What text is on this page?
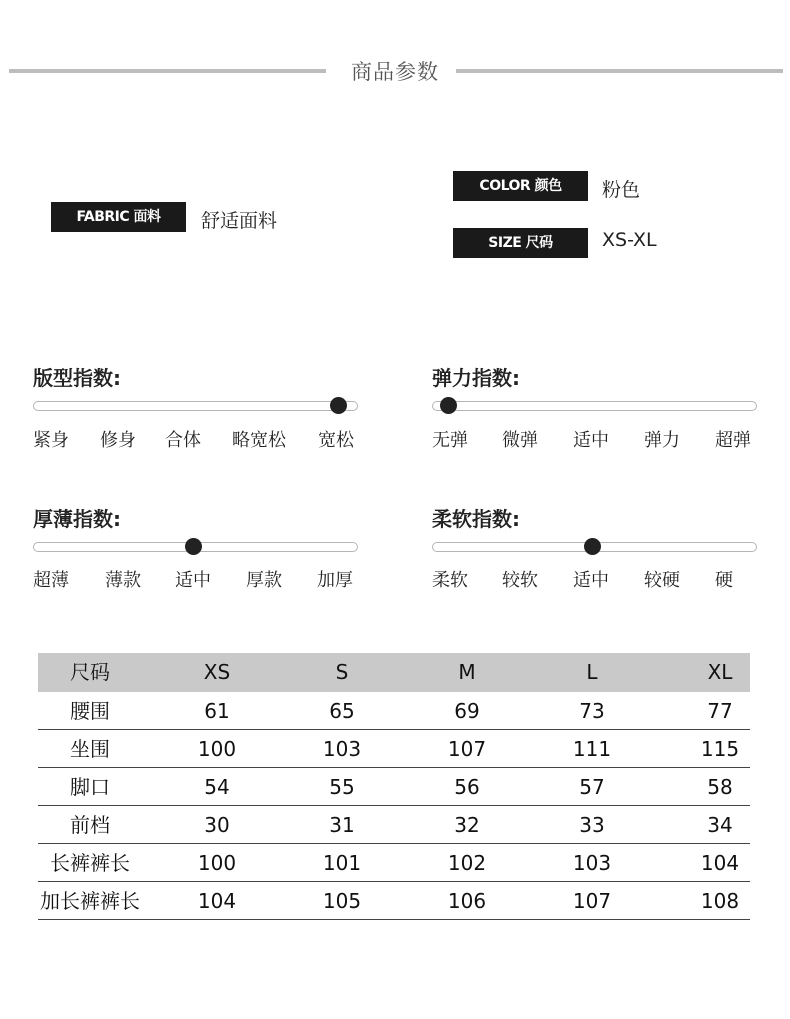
商品参数
FABRIC 面料	舒适面料
COLOR 颜色	粉色
SIZE 尺码	XS-XL
版型指数:
紧身 修身 合体 略宽松 宽松
弹力指数:
无弹 微弹 适中 弹力 超弹
厚薄指数:
超薄 薄款 适中 厚款 加厚
柔软指数:
柔软 较软 适中 较硬 硬
尺码	XS	S	M	L	XL
腰围	61	65	69	73	77
坐围	100	103	107	111	115
脚口	54	55	56	57	58
前档	30	31	32	33	34
长裤裤长	100	101	102	103	104
加长裤裤长	104	105	106	107	108
